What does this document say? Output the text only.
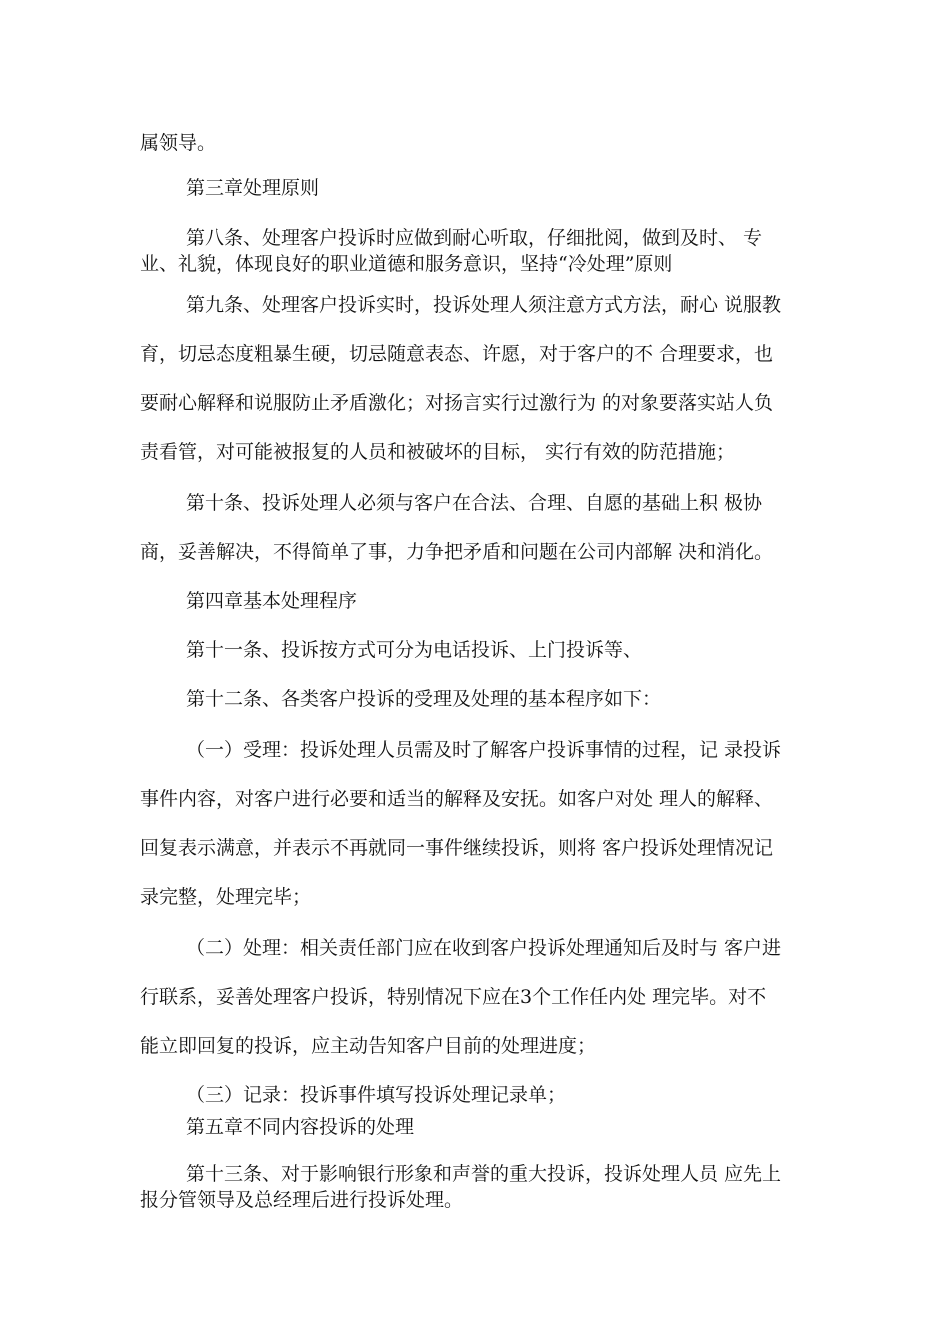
属领导。

第三章处理原则

第八条、处理客户投诉时应做到耐心听取，仔细批阅，做到及时、 专

业、礼貌，体现良好的职业道德和服务意识，坚持“冷处理”原则

第九条、处理客户投诉实时，投诉处理人须注意方式方法，耐心 说服教

育，切忌态度粗暴生硬，切忌随意表态、许愿，对于客户的不 合理要求，也

要耐心解释和说服防止矛盾激化；对扬言实行过激行为 的对象要落实站人负

责看管，对可能被报复的人员和被破坏的目标， 实行有效的防范措施；

第十条、投诉处理人必须与客户在合法、合理、自愿的基础上积 极协

商，妥善解决，不得简单了事，力争把矛盾和问题在公司内部解 决和消化。

第四章基本处理程序

第十一条、投诉按方式可分为电话投诉、上门投诉等、

第十二条、各类客户投诉的受理及处理的基本程序如下：

（一）受理：投诉处理人员需及时了解客户投诉事情的过程，记 录投诉

事件内容，对客户进行必要和适当的解释及安抚。如客户对处 理人的解释、

回复表示满意，并表示不再就同一事件继续投诉，则将 客户投诉处理情况记

录完整，处理完毕；

（二）处理：相关责任部门应在收到客户投诉处理通知后及时与 客户进

行联系，妥善处理客户投诉，特别情况下应在3个工作任内处 理完毕。对不

能立即回复的投诉，应主动告知客户目前的处理进度；

（三）记录：投诉事件填写投诉处理记录单；

第五章不同内容投诉的处理

第十三条、对于影响银行形象和声誉的重大投诉，投诉处理人员 应先上

报分管领导及总经理后进行投诉处理。
